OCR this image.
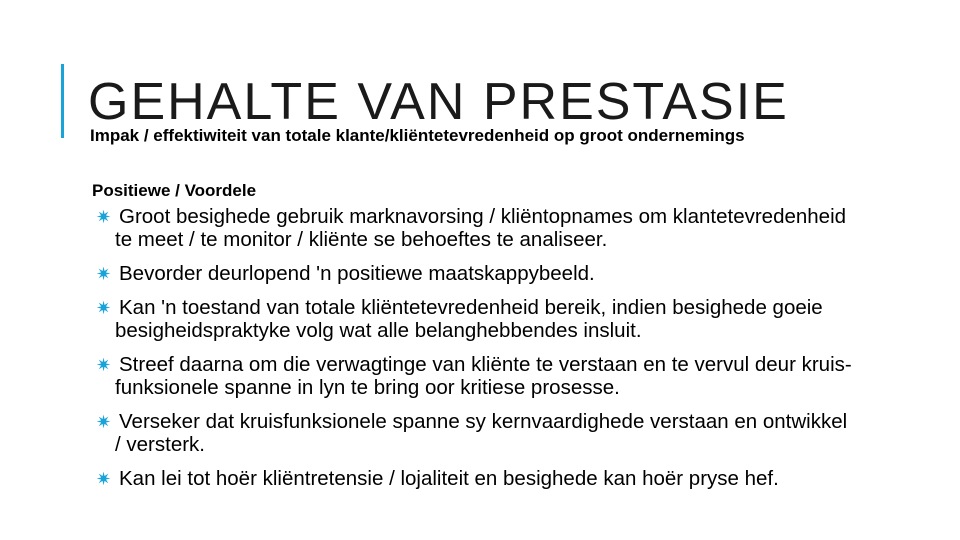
GEHALTE VAN PRESTASIE

Impak / effektiwiteit van totale klante/kliëntetevredenheid op groot ondernemings

Positiewe / Voordele

✷ Groot besighede gebruik marknavorsing / kliëntopnames om klantetevredenheid te meet / te monitor / kliënte se behoeftes te analiseer.
✷ Bevorder deurlopend 'n positiewe maatskappybeeld.
✷ Kan 'n toestand van totale kliëntetevredenheid bereik, indien besighede goeie besigheidspraktyke volg wat alle belanghebbendes insluit.
✷ Streef daarna om die verwagtinge van kliënte te verstaan en te vervul deur kruis-funksionele spanne in lyn te bring oor kritiese prosesse.
✷ Verseker dat kruisfunksionele spanne sy kernvaardighede verstaan en ontwikkel / versterk.
✷ Kan lei tot hoër kliëntretensie / lojaliteit en besighede kan hoër pryse hef.
